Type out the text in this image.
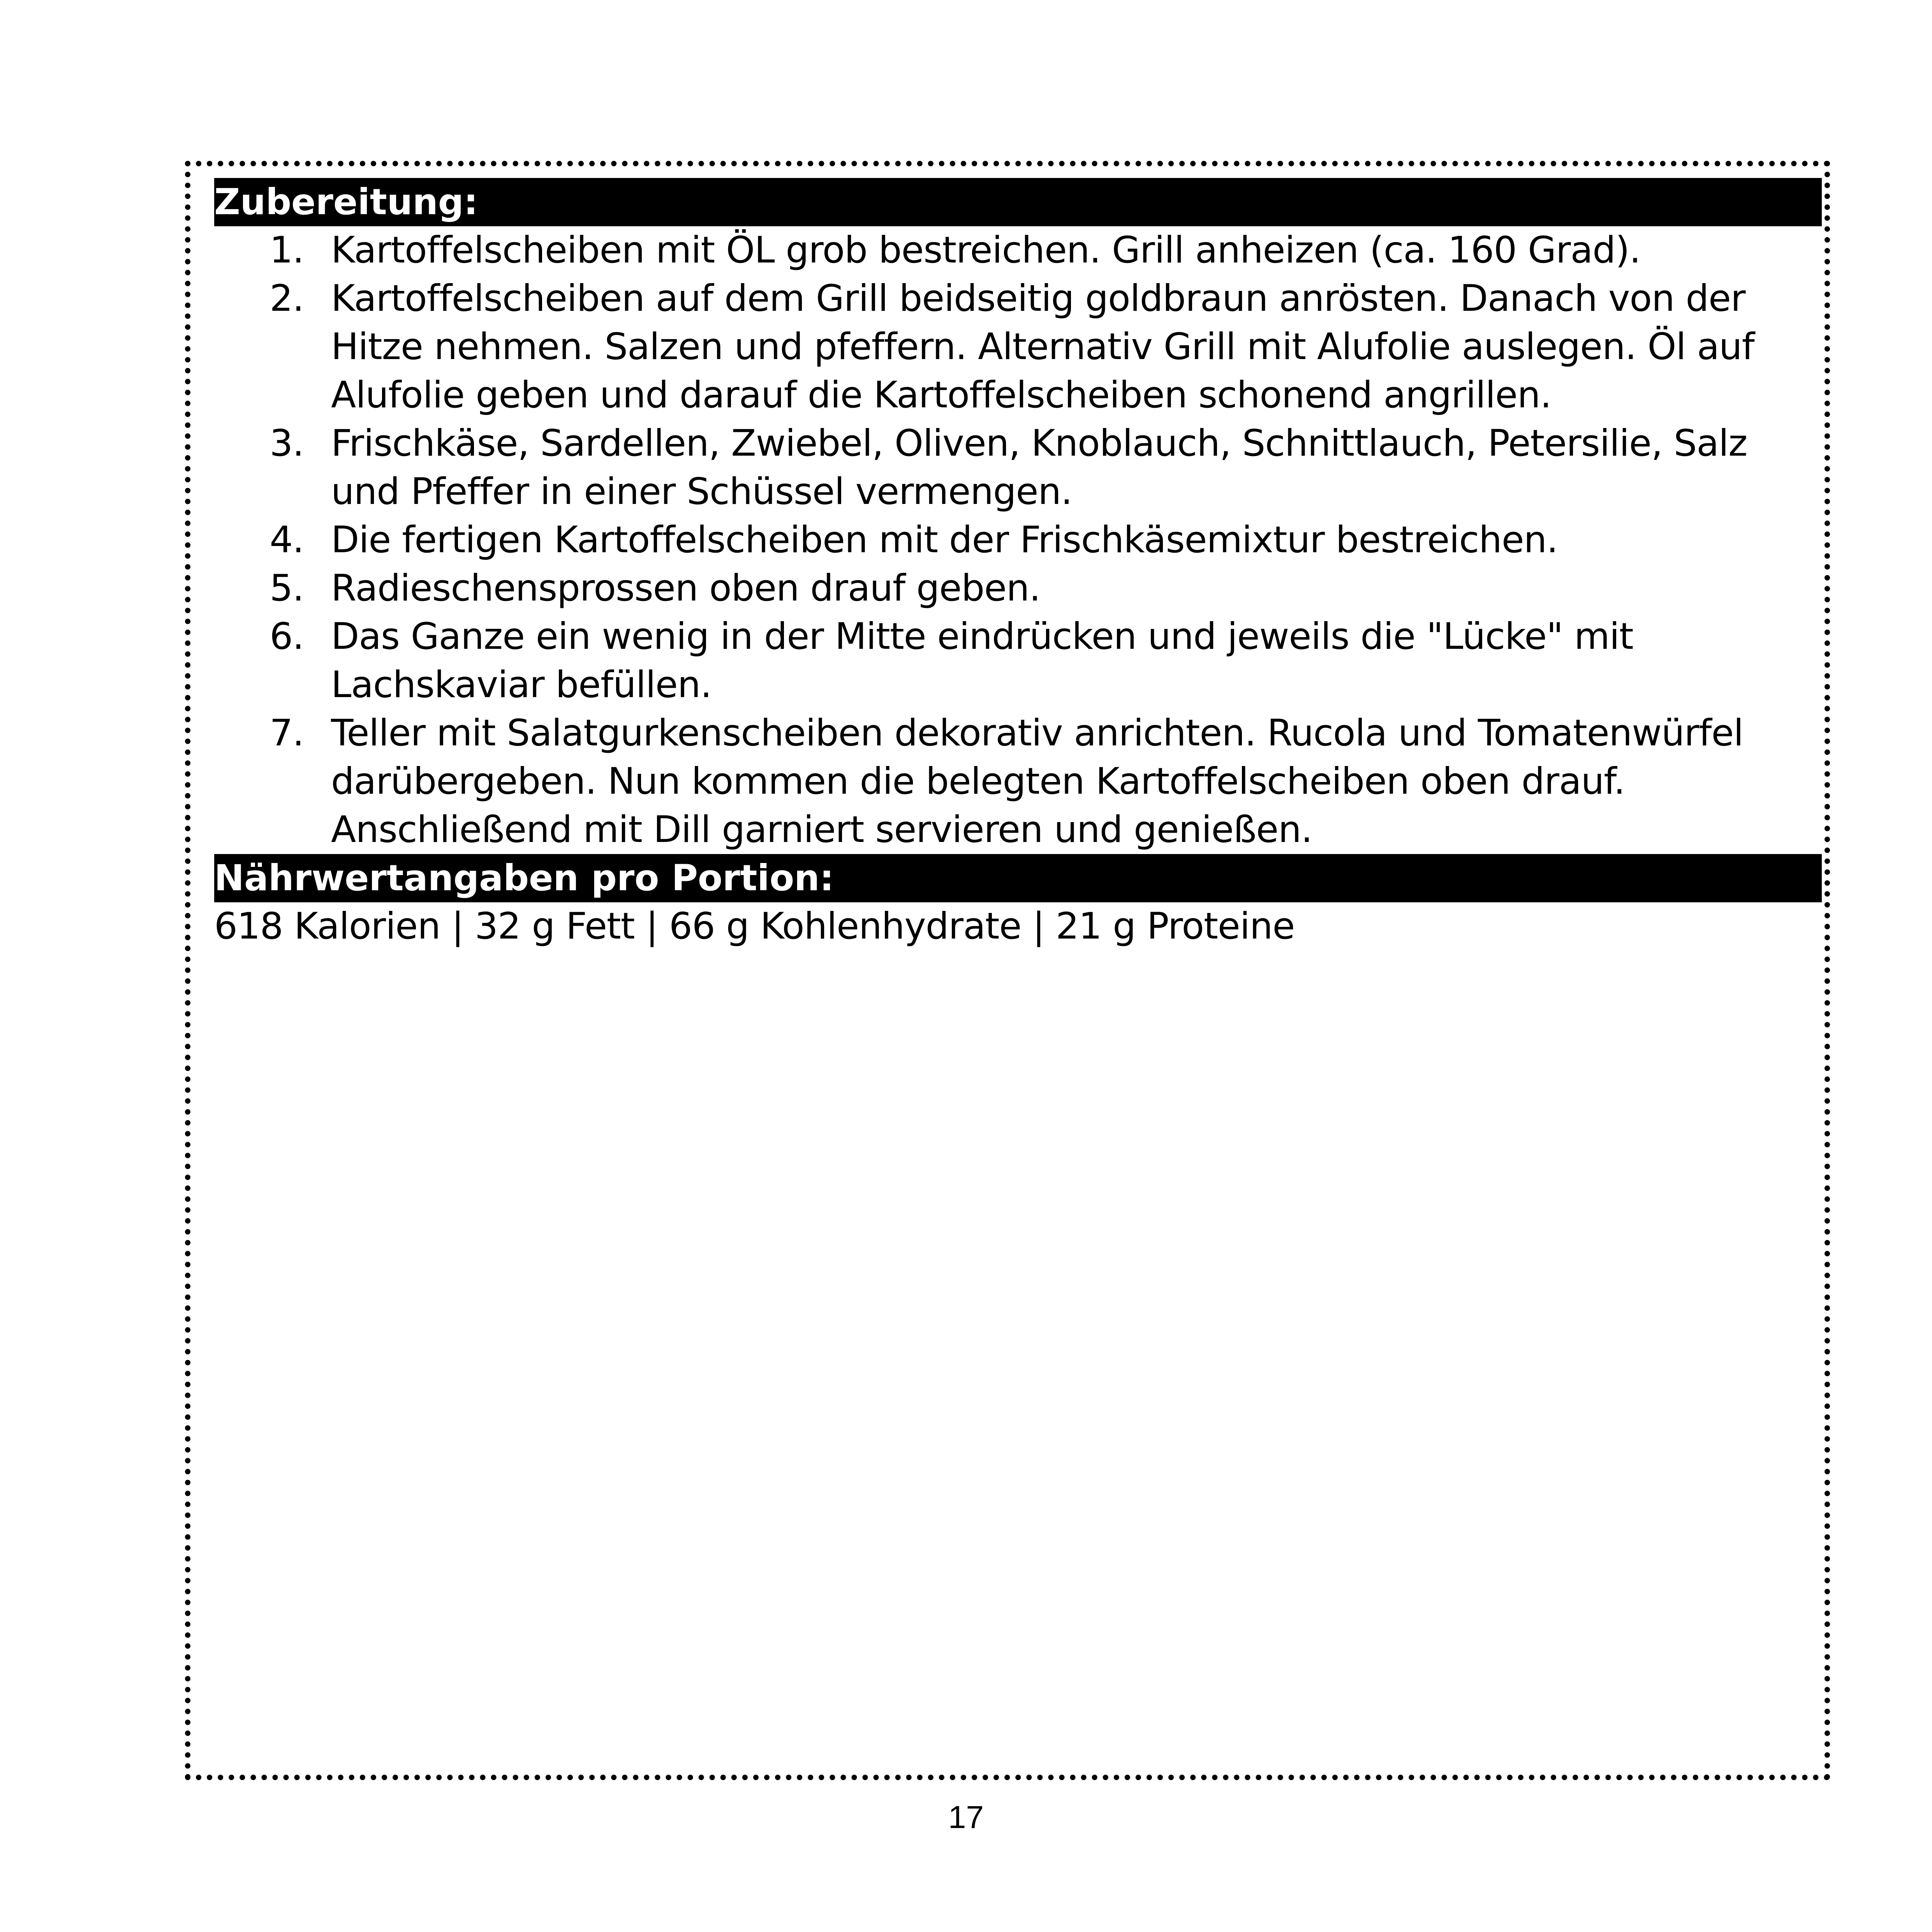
Zubereitung:
1. Kartoffelscheiben mit ÖL grob bestreichen. Grill anheizen (ca. 160 Grad).
2. Kartoffelscheiben auf dem Grill beidseitig goldbraun anrösten. Danach von der Hitze nehmen. Salzen und pfeffern. Alternativ Grill mit Alufolie auslegen. Öl auf Alufolie geben und darauf die Kartoffelscheiben schonend angrillen.
3. Frischkäse, Sardellen, Zwiebel, Oliven, Knoblauch, Schnittlauch, Petersilie, Salz und Pfeffer in einer Schüssel vermengen.
4. Die fertigen Kartoffelscheiben mit der Frischkäsemixtur bestreichen.
5. Radieschensprossen oben drauf geben.
6. Das Ganze ein wenig in der Mitte eindrücken und jeweils die "Lücke" mit Lachskaviar befüllen.
7. Teller mit Salatgurkenscheiben dekorativ anrichten. Rucola und Tomatenwürfel darübergeben. Nun kommen die belegten Kartoffelscheiben oben drauf. Anschließend mit Dill garniert servieren und genießen.
Nährwertangaben pro Portion:
618 Kalorien | 32 g Fett | 66 g Kohlenhydrate | 21 g Proteine
17
